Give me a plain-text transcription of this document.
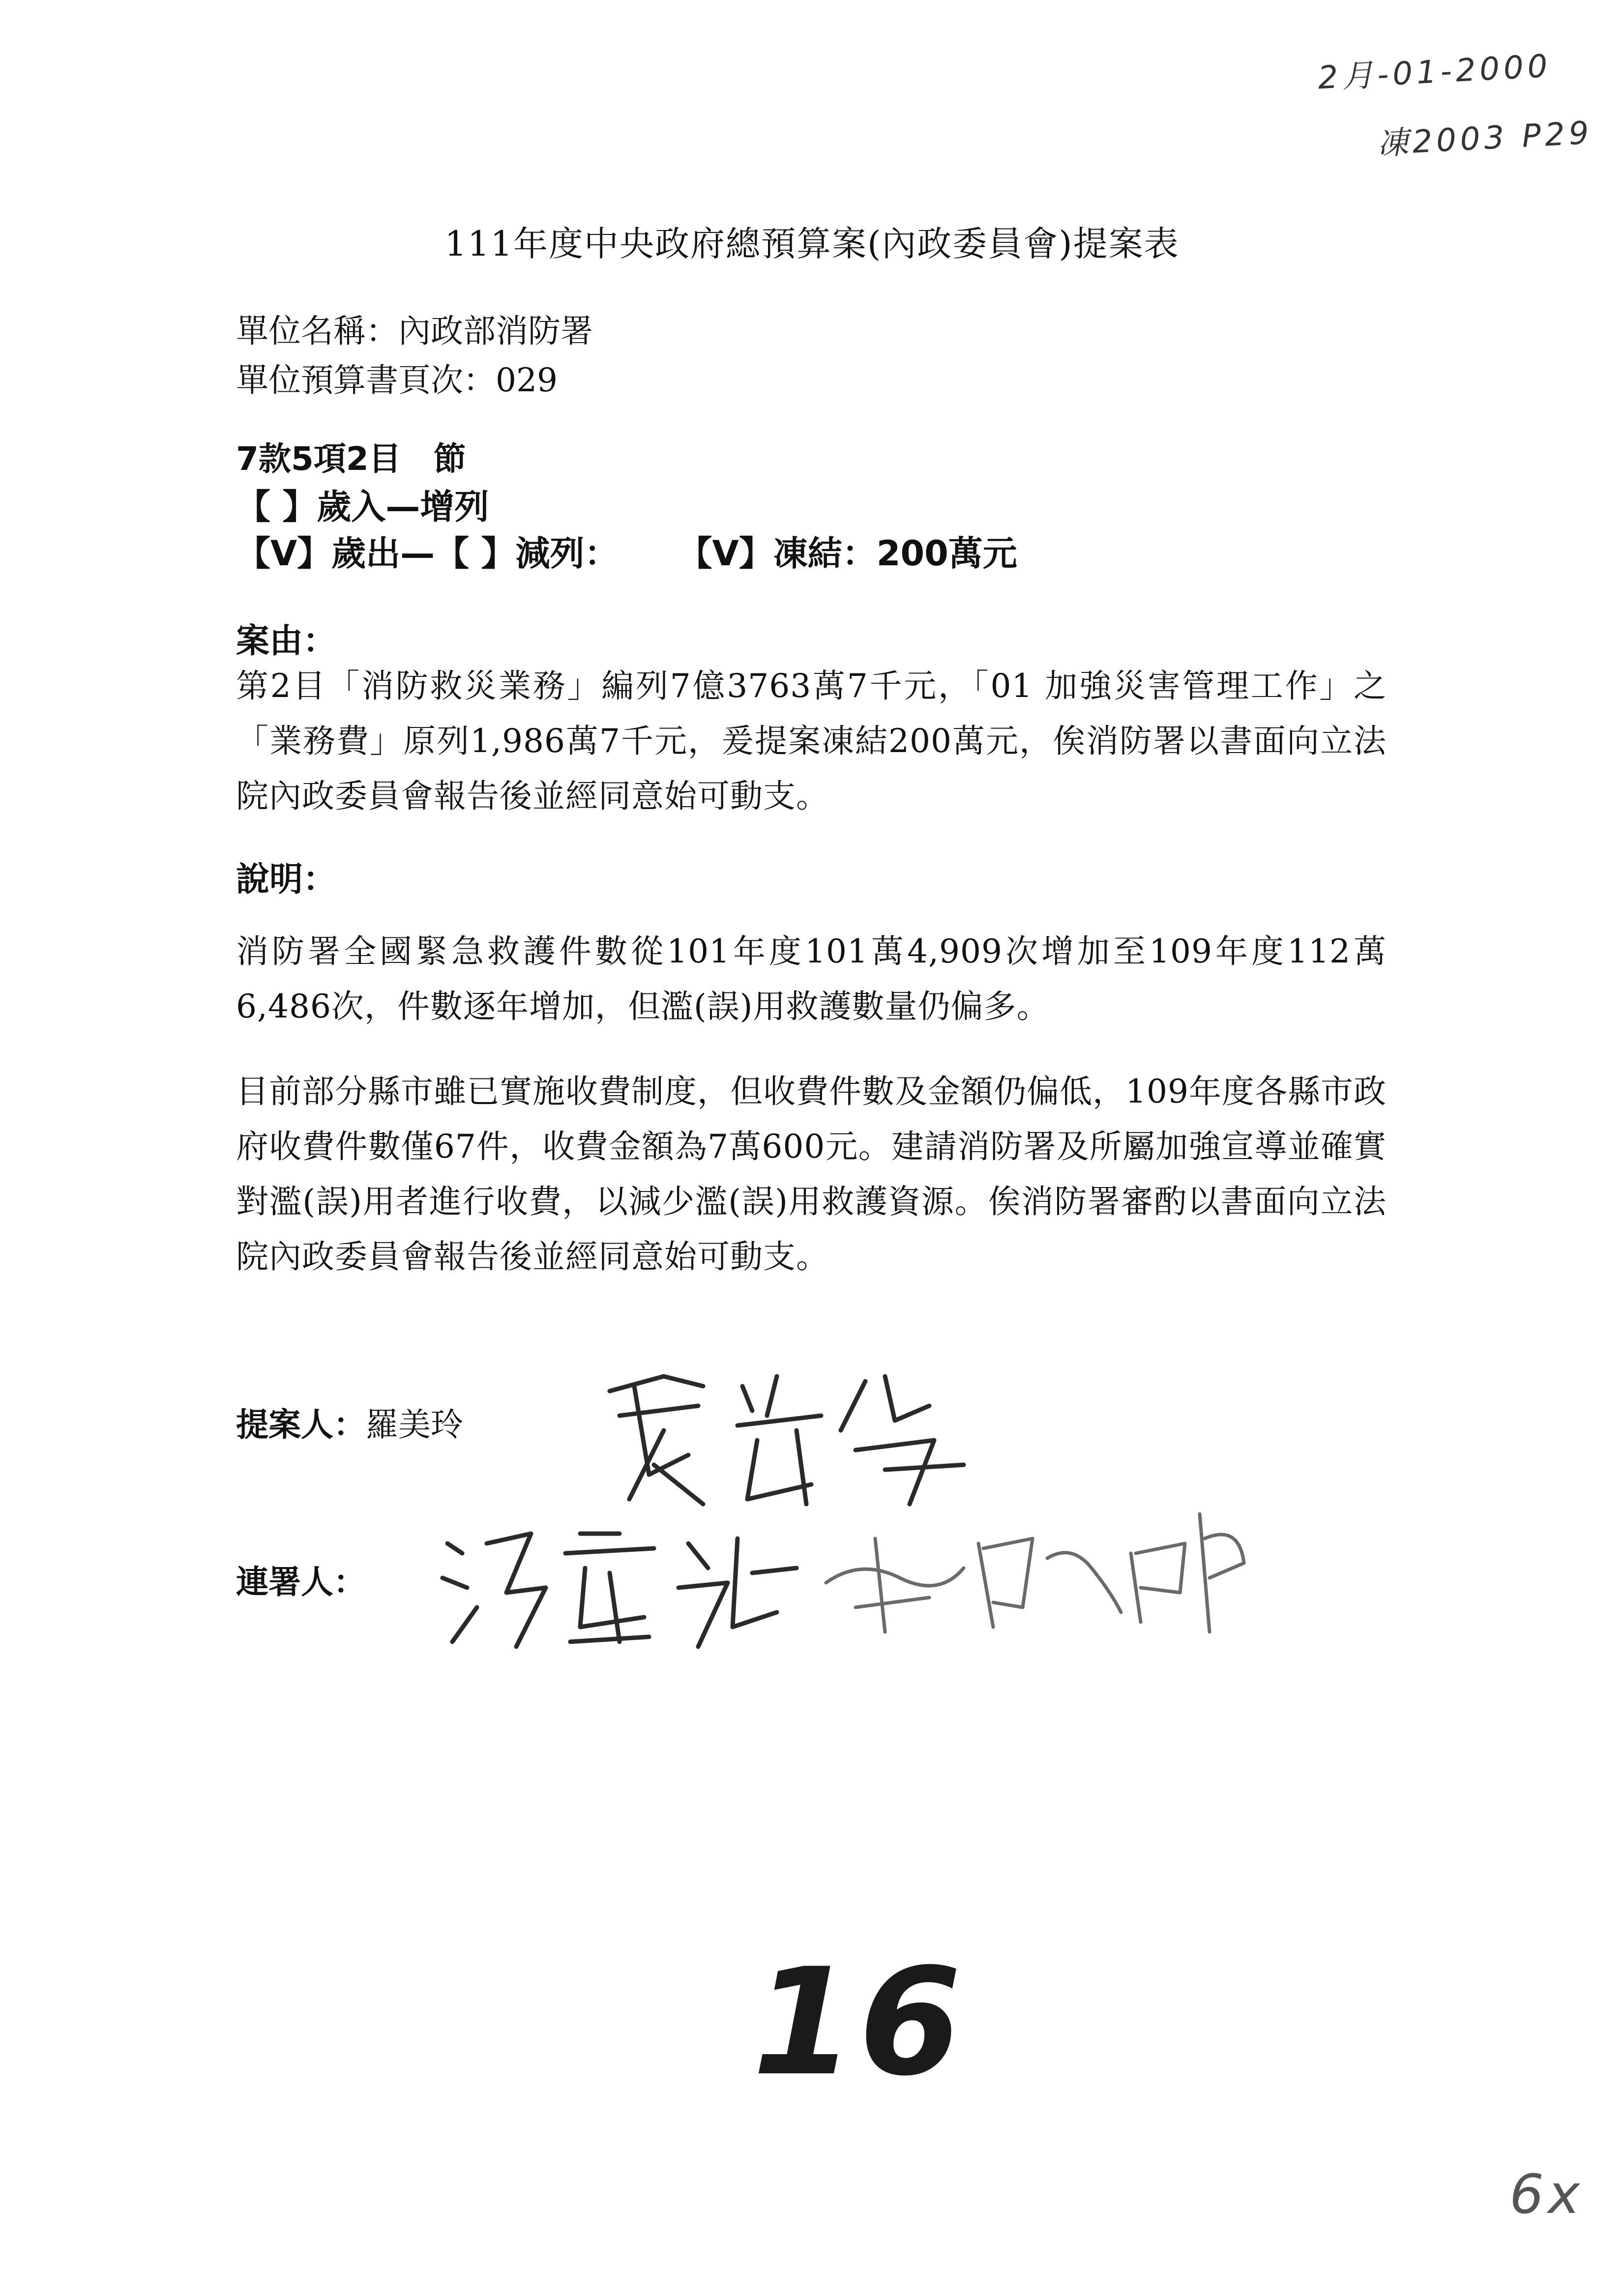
2月-01-2000
凍2003 P29
111年度中央政府總預算案(內政委員會)提案表
單位名稱：內政部消防署
單位預算書頁次：029
7款5項2目　節
【 】歲入—增列
【V】歲出—【 】減列： 【V】凍結：200萬元
案由：
第2目「消防救災業務」編列7億3763萬7千元，「01 加強災害管理工作」之「業務費」原列1,986萬7千元，爰提案凍結200萬元，俟消防署以書面向立法院內政委員會報告後並經同意始可動支。
說明：
消防署全國緊急救護件數從101年度101萬4,909次增加至109年度112萬6,486次，件數逐年增加，但濫(誤)用救護數量仍偏多。
目前部分縣市雖已實施收費制度，但收費件數及金額仍偏低，109年度各縣市政府收費件數僅67件，收費金額為7萬600元。建請消防署及所屬加強宣導並確實對濫(誤)用者進行收費，以減少濫(誤)用救護資源。俟消防署審酌以書面向立法院內政委員會報告後並經同意始可動支。
提案人：羅美玲
連署人：
16
6x
